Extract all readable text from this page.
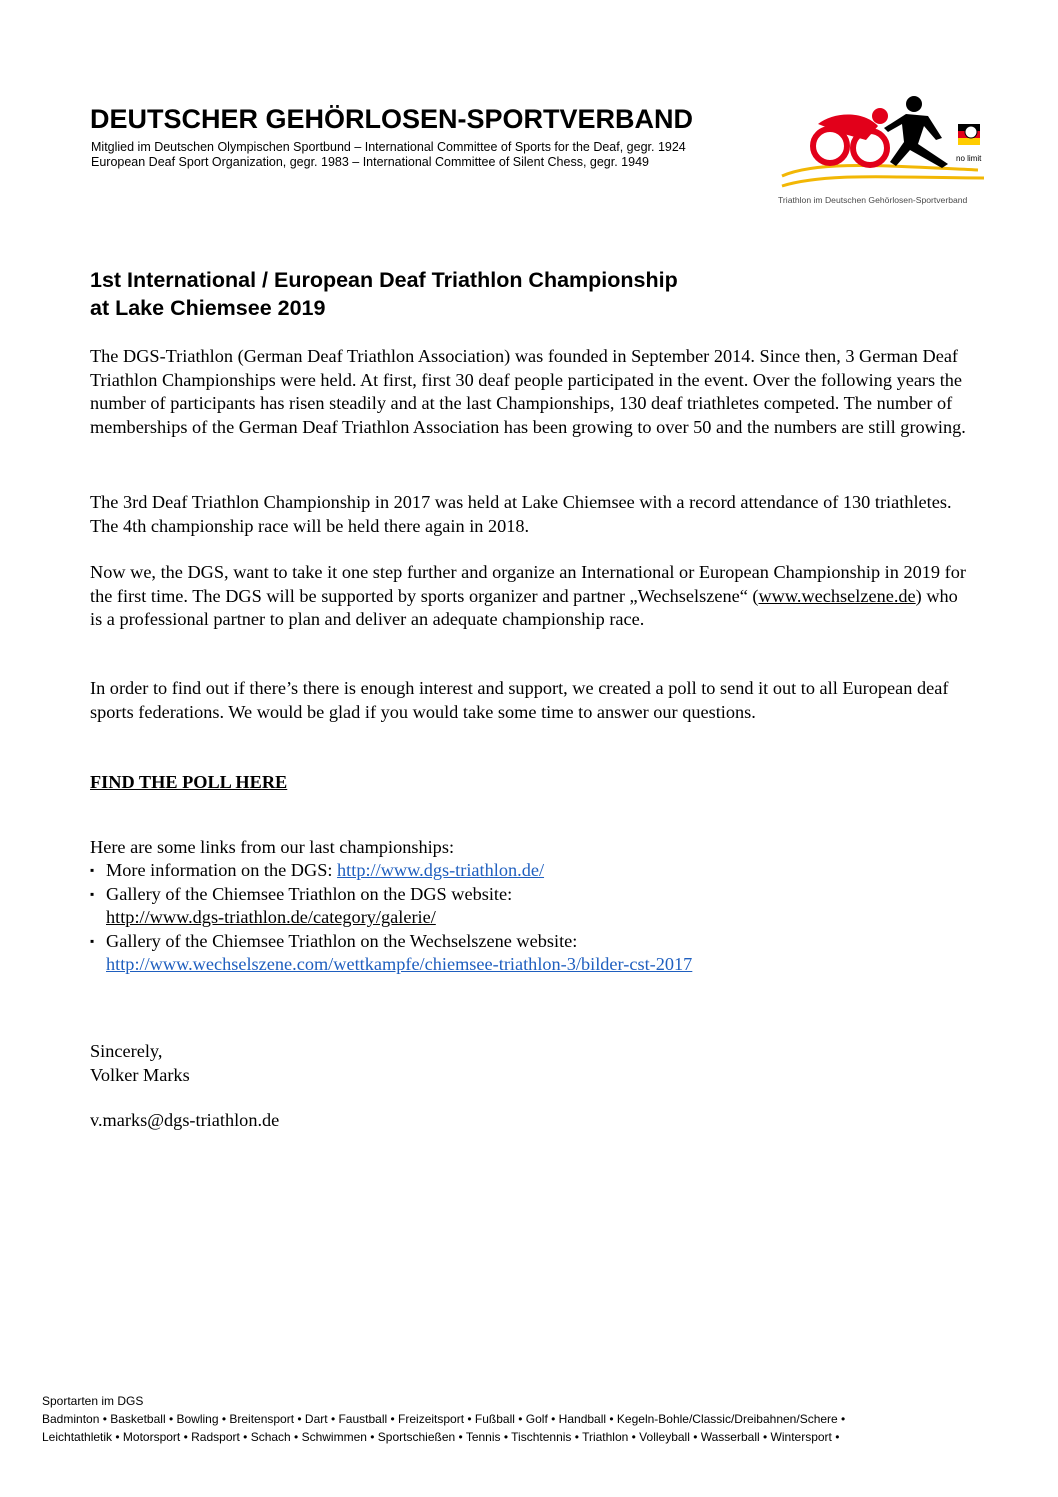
DEUTSCHER GEHÖRLOSEN-SPORTVERBAND
Mitglied im Deutschen Olympischen Sportbund – International Committee of Sports for the Deaf, gegr. 1924
European Deaf Sport Organization, gegr. 1983 – International Committee of Silent Chess, gegr. 1949	no limit
Triathlon im Deutschen Gehörlosen-Sportverband
1st International / European Deaf Triathlon Championship
at Lake Chiemsee 2019
The DGS-Triathlon (German Deaf Triathlon Association) was founded in September 2014. Since then, 3 German Deaf Triathlon Championships were held. At first, first 30 deaf people participated in the event. Over the following years the number of participants has risen steadily and at the last Championships, 130 deaf triathletes competed. The number of memberships of the German Deaf Triathlon Association has been growing to over 50 and the numbers are still growing.
The 3rd Deaf Triathlon Championship in 2017 was held at Lake Chiemsee with a record attendance of 130 triathletes. The 4th championship race will be held there again in 2018.
Now we, the DGS, want to take it one step further and organize an International or European Championship in 2019 for the first time. The DGS will be supported by sports organizer and partner „Wechselszene“ (www.wechselzene.de) who is a professional partner to plan and deliver an adequate championship race.
In order to find out if there’s there is enough interest and support, we created a poll to send it out to all European deaf sports federations. We would be glad if you would take some time to answer our questions.
FIND THE POLL HERE
Here are some links from our last championships:
▪ More information on the DGS: http://www.dgs-triathlon.de/
▪ Gallery of the Chiemsee Triathlon on the DGS website:
http://www.dgs-triathlon.de/category/galerie/
▪ Gallery of the Chiemsee Triathlon on the Wechselszene website:
http://www.wechselszene.com/wettkampfe/chiemsee-triathlon-3/bilder-cst-2017
Sincerely,
Volker Marks
v.marks@dgs-triathlon.de
Sportarten im DGS
Badminton • Basketball • Bowling • Breitensport • Dart • Faustball • Freizeitsport • Fußball • Golf • Handball • Kegeln-Bohle/Classic/Dreibahnen/Schere •
Leichtathletik • Motorsport • Radsport • Schach • Schwimmen • Sportschießen • Tennis • Tischtennis • Triathlon • Volleyball • Wasserball • Wintersport •
